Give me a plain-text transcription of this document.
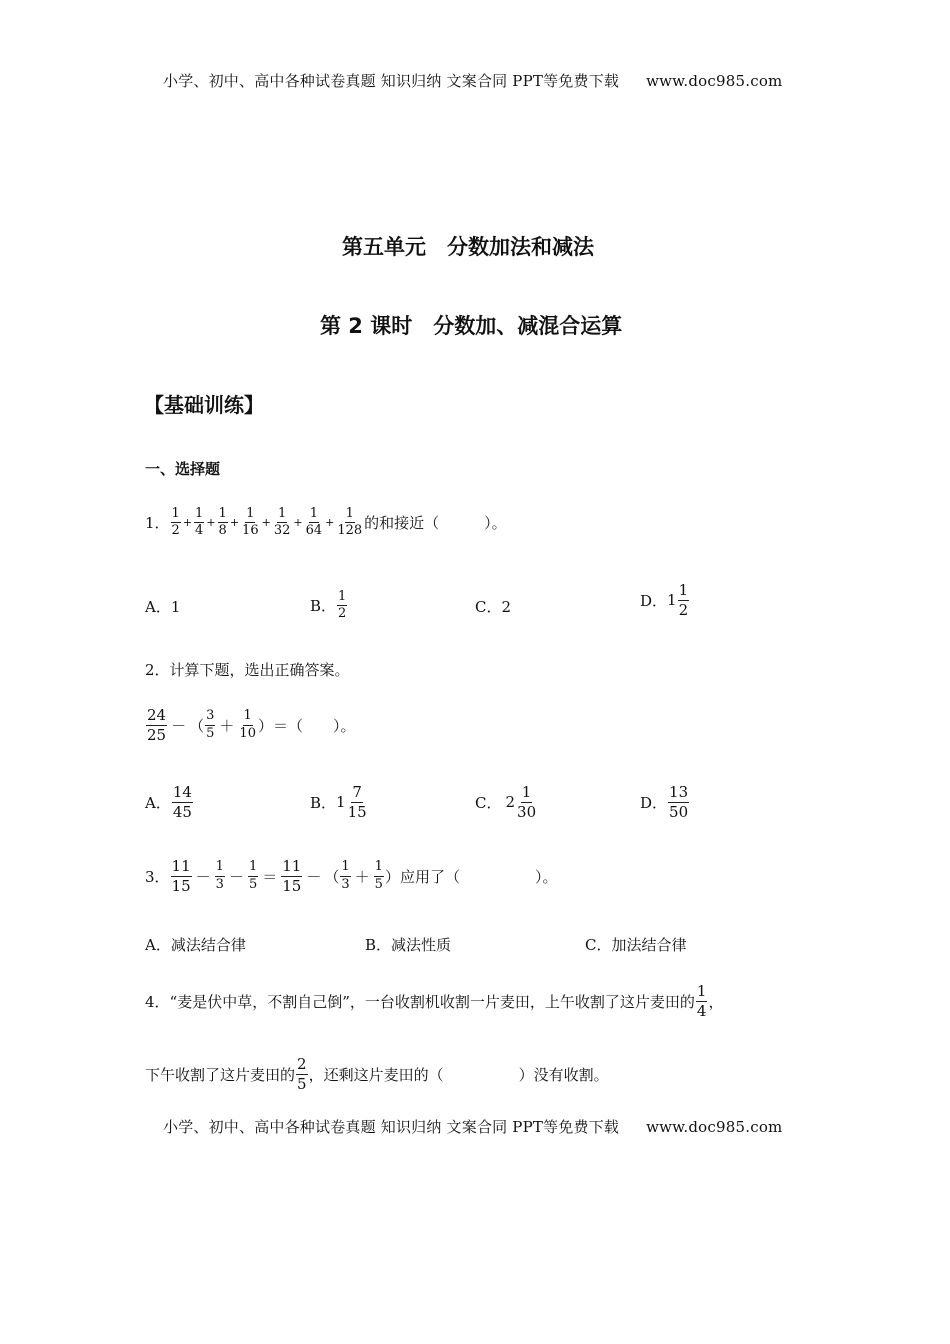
小学、初中、高中各种试卷真题 知识归纳 文案合同 PPT等免费下载 www.doc985.com
第五单元　分数加法和减法
第 2 课时　分数加、减混合运算
【基础训练】
一、选择题
1． $\frac{1}{2} + \frac{1}{4} + \frac{1}{8} + \frac{1}{16} + \frac{1}{32} + \frac{1}{64} + \frac{1}{128}$ 的和接近（　　　）。
A．1	B． $\frac{1}{2}$	C．2	D． $1 \frac{1}{2}$
2．计算下题，选出正确答案。
$\frac{24}{25}$ － （ $\frac{3}{5} + \frac{1}{10}$ ）＝（　　）。
A． $\frac{14}{45}$	B． $1 \frac{7}{15}$	C． $2 \frac{1}{30}$	D． $\frac{13}{50}$
3． $\frac{11}{15} - \frac{1}{3} - \frac{1}{5} = \frac{11}{15}$ － （ $\frac{1}{3} + \frac{1}{5}$ ）应用了（　　　　　）。
A．减法结合律	B．减法性质	C．加法结合律
4．“麦是伏中草，不割自己倒”，一台收割机收割一片麦田，上午收割了这片麦田的 $\frac{1}{4}$ ，
下午收割了这片麦田的 $\frac{2}{5}$ ，还剩这片麦田的（　　　　　）没有收割。
小学、初中、高中各种试卷真题 知识归纳 文案合同 PPT等免费下载 www.doc985.com
